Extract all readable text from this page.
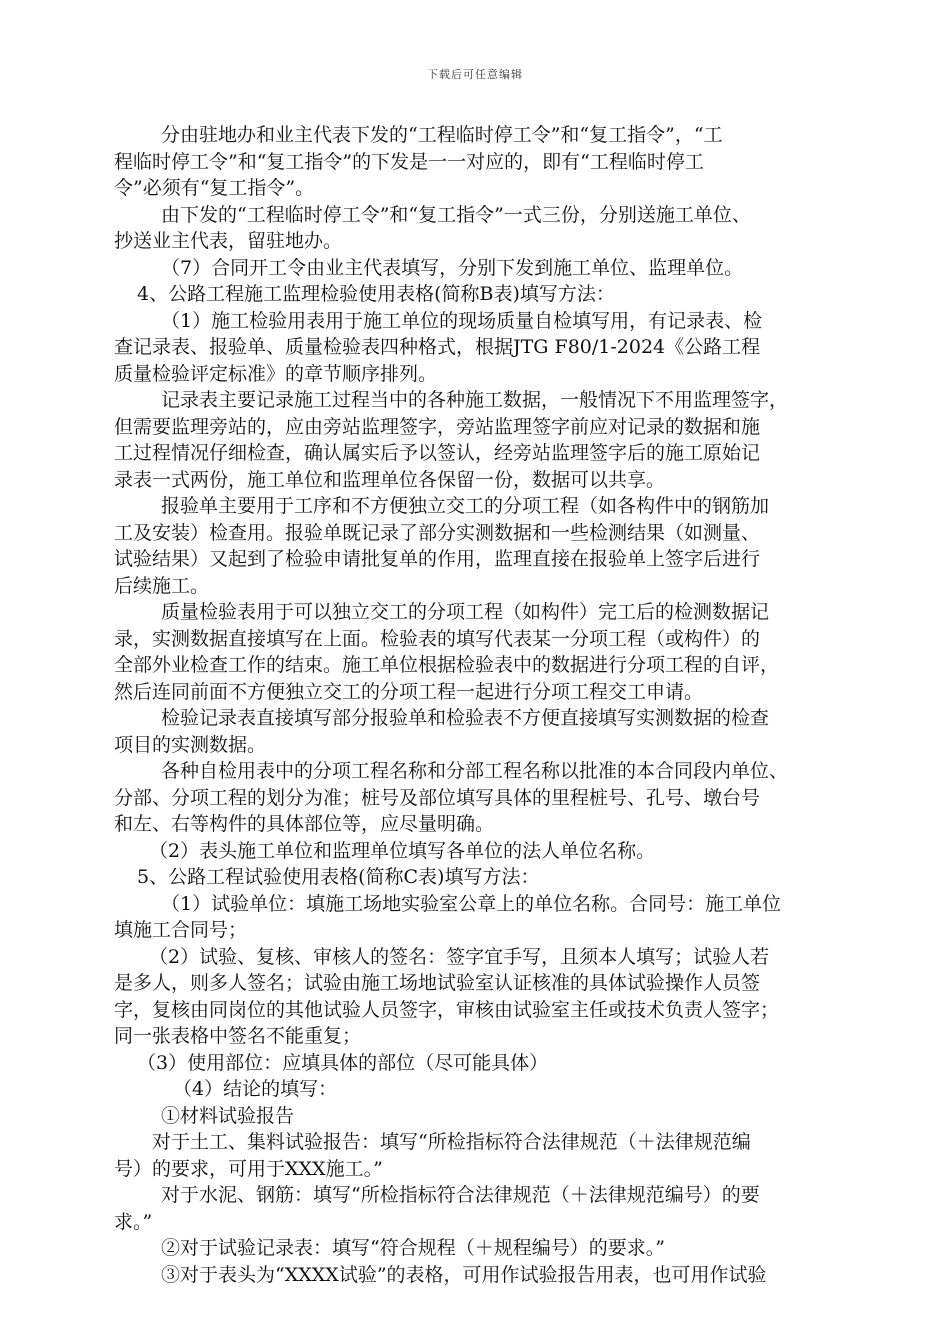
下载后可任意编辑
分由驻地办和业主代表下发的“工程临时停工令”和“复工指令”，“工
程临时停工令”和“复工指令”的下发是一一对应的，即有“工程临时停工
令”必须有“复工指令”。
由下发的“工程临时停工令”和“复工指令”一式三份，分别送施工单位、
抄送业主代表，留驻地办。
（7）合同开工令由业主代表填写，分别下发到施工单位、监理单位。
4、公路工程施工监理检验使用表格(简称B表)填写方法：
（1）施工检验用表用于施工单位的现场质量自检填写用，有记录表、检
查记录表、报验单、质量检验表四种格式，根据JTG F80/1-2024《公路工程
质量检验评定标准》的章节顺序排列。
记录表主要记录施工过程当中的各种施工数据，一般情况下不用监理签字，
但需要监理旁站的，应由旁站监理签字，旁站监理签字前应对记录的数据和施
工过程情况仔细检查，确认属实后予以签认，经旁站监理签字后的施工原始记
录表一式两份，施工单位和监理单位各保留一份，数据可以共享。
报验单主要用于工序和不方便独立交工的分项工程（如各构件中的钢筋加
工及安装）检查用。报验单既记录了部分实测数据和一些检测结果（如测量、
试验结果）又起到了检验申请批复单的作用，监理直接在报验单上签字后进行
后续施工。
质量检验表用于可以独立交工的分项工程（如构件）完工后的检测数据记
录，实测数据直接填写在上面。检验表的填写代表某一分项工程（或构件）的
全部外业检查工作的结束。施工单位根据检验表中的数据进行分项工程的自评，
然后连同前面不方便独立交工的分项工程一起进行分项工程交工申请。
检验记录表直接填写部分报验单和检验表不方便直接填写实测数据的检查
项目的实测数据。
各种自检用表中的分项工程名称和分部工程名称以批准的本合同段内单位、
分部、分项工程的划分为准；桩号及部位填写具体的里程桩号、孔号、墩台号
和左、右等构件的具体部位等，应尽量明确。
（2）表头施工单位和监理单位填写各单位的法人单位名称。
5、公路工程试验使用表格(简称C表)填写方法：
（1）试验单位：填施工场地实验室公章上的单位名称。合同号：施工单位
填施工合同号；
（2）试验、复核、审核人的签名：签字宜手写，且须本人填写；试验人若
是多人，则多人签名；试验由施工场地试验室认证核准的具体试验操作人员签
字，复核由同岗位的其他试验人员签字，审核由试验室主任或技术负责人签字；
同一张表格中签名不能重复；
（3）使用部位：应填具体的部位（尽可能具体）
（4）结论的填写：
①材料试验报告
对于土工、集料试验报告：填写“所检指标符合法律规范（＋法律规范编
号）的要求，可用于XXX施工。”
对于水泥、钢筋：填写“所检指标符合法律规范（＋法律规范编号）的要
求。”
②对于试验记录表：填写“符合规程（＋规程编号）的要求。”
③对于表头为“XXXX试验”的表格，可用作试验报告用表，也可用作试验
